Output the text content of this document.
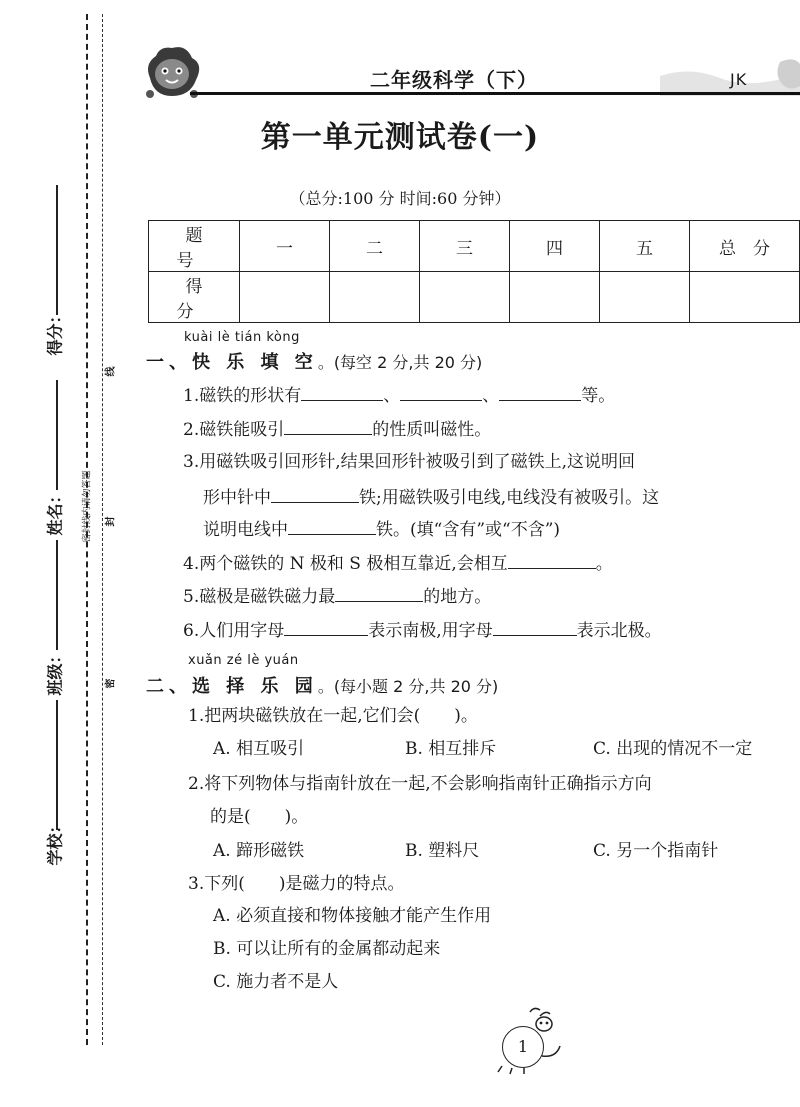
学校：
班级：
姓名：
得分：
线
封
密
密封线内请勿答题
二年级科学（下）	JK
第一单元测试卷(一)
（总分:100 分 时间:60 分钟）
题　号	一	二	三	四	五	总　分
得　分						
kuài lè tián kòng
一、快 乐 填 空。(每空 2 分,共 20 分)
1.磁铁的形状有	、	、	等。
2.磁铁能吸引	的性质叫磁性。
3.用磁铁吸引回形针,结果回形针被吸引到了磁铁上,这说明回
形中针中	铁;用磁铁吸引电线,电线没有被吸引。这
说明电线中	铁。(填“含有”或“不含”)
4.两个磁铁的 N 极和 S 极相互靠近,会相互	。
5.磁极是磁铁磁力最	的地方。
6.人们用字母	表示南极,用字母	表示北极。
xuǎn zé lè yuán
二、选 择 乐 园。(每小题 2 分,共 20 分)
1.把两块磁铁放在一起,它们会(　　)。
A. 相互吸引	B. 相互排斥	C. 出现的情况不一定
2.将下列物体与指南针放在一起,不会影响指南针正确指示方向
的是(　　)。
A. 蹄形磁铁	B. 塑料尺	C. 另一个指南针
3.下列(　　)是磁力的特点。
A. 必须直接和物体接触才能产生作用
B. 可以让所有的金属都动起来
C. 施力者不是人
1
